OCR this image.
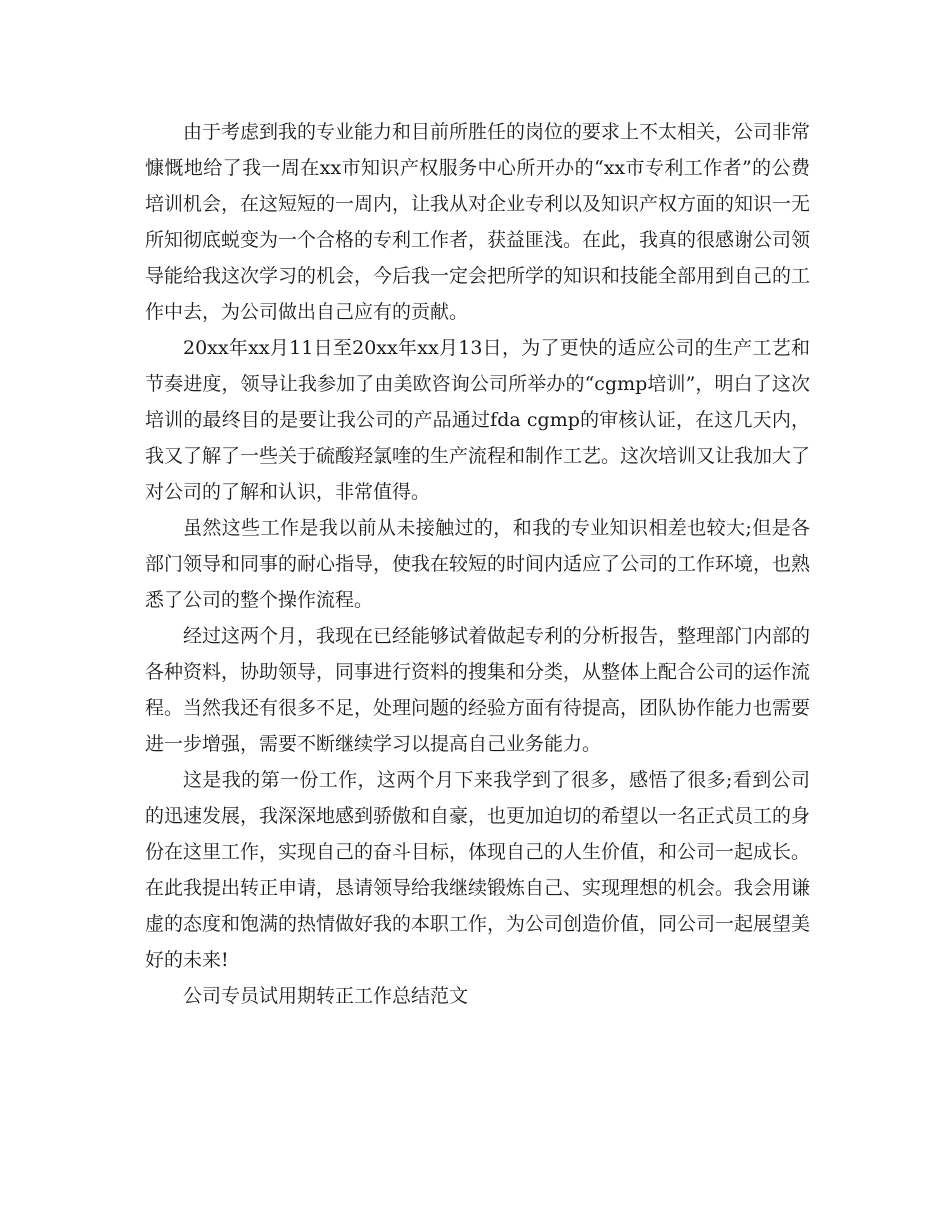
由于考虑到我的专业能力和目前所胜任的岗位的要求上不太相关，公司非常慷慨地给了我一周在xx市知识产权服务中心所开办的“xx市专利工作者”的公费培训机会，在这短短的一周内，让我从对企业专利以及知识产权方面的知识一无所知彻底蜕变为一个合格的专利工作者，获益匪浅。在此，我真的很感谢公司领导能给我这次学习的机会，今后我一定会把所学的知识和技能全部用到自己的工作中去，为公司做出自己应有的贡献。

20xx年xx月11日至20xx年xx月13日，为了更快的适应公司的生产工艺和节奏进度，领导让我参加了由美欧咨询公司所举办的“cgmp培训”，明白了这次培训的最终目的是要让我公司的产品通过fda cgmp的审核认证，在这几天内，我又了解了一些关于硫酸羟氯喹的生产流程和制作工艺。这次培训又让我加大了对公司的了解和认识，非常值得。

虽然这些工作是我以前从未接触过的，和我的专业知识相差也较大;但是各部门领导和同事的耐心指导，使我在较短的时间内适应了公司的工作环境，也熟悉了公司的整个操作流程。

经过这两个月，我现在已经能够试着做起专利的分析报告，整理部门内部的各种资料，协助领导，同事进行资料的搜集和分类，从整体上配合公司的运作流程。当然我还有很多不足，处理问题的经验方面有待提高，团队协作能力也需要进一步增强，需要不断继续学习以提高自己业务能力。

这是我的第一份工作，这两个月下来我学到了很多，感悟了很多;看到公司的迅速发展，我深深地感到骄傲和自豪，也更加迫切的希望以一名正式员工的身份在这里工作，实现自己的奋斗目标，体现自己的人生价值，和公司一起成长。在此我提出转正申请，恳请领导给我继续锻炼自己、实现理想的机会。我会用谦虚的态度和饱满的热情做好我的本职工作，为公司创造价值，同公司一起展望美好的未来!

公司专员试用期转正工作总结范文
